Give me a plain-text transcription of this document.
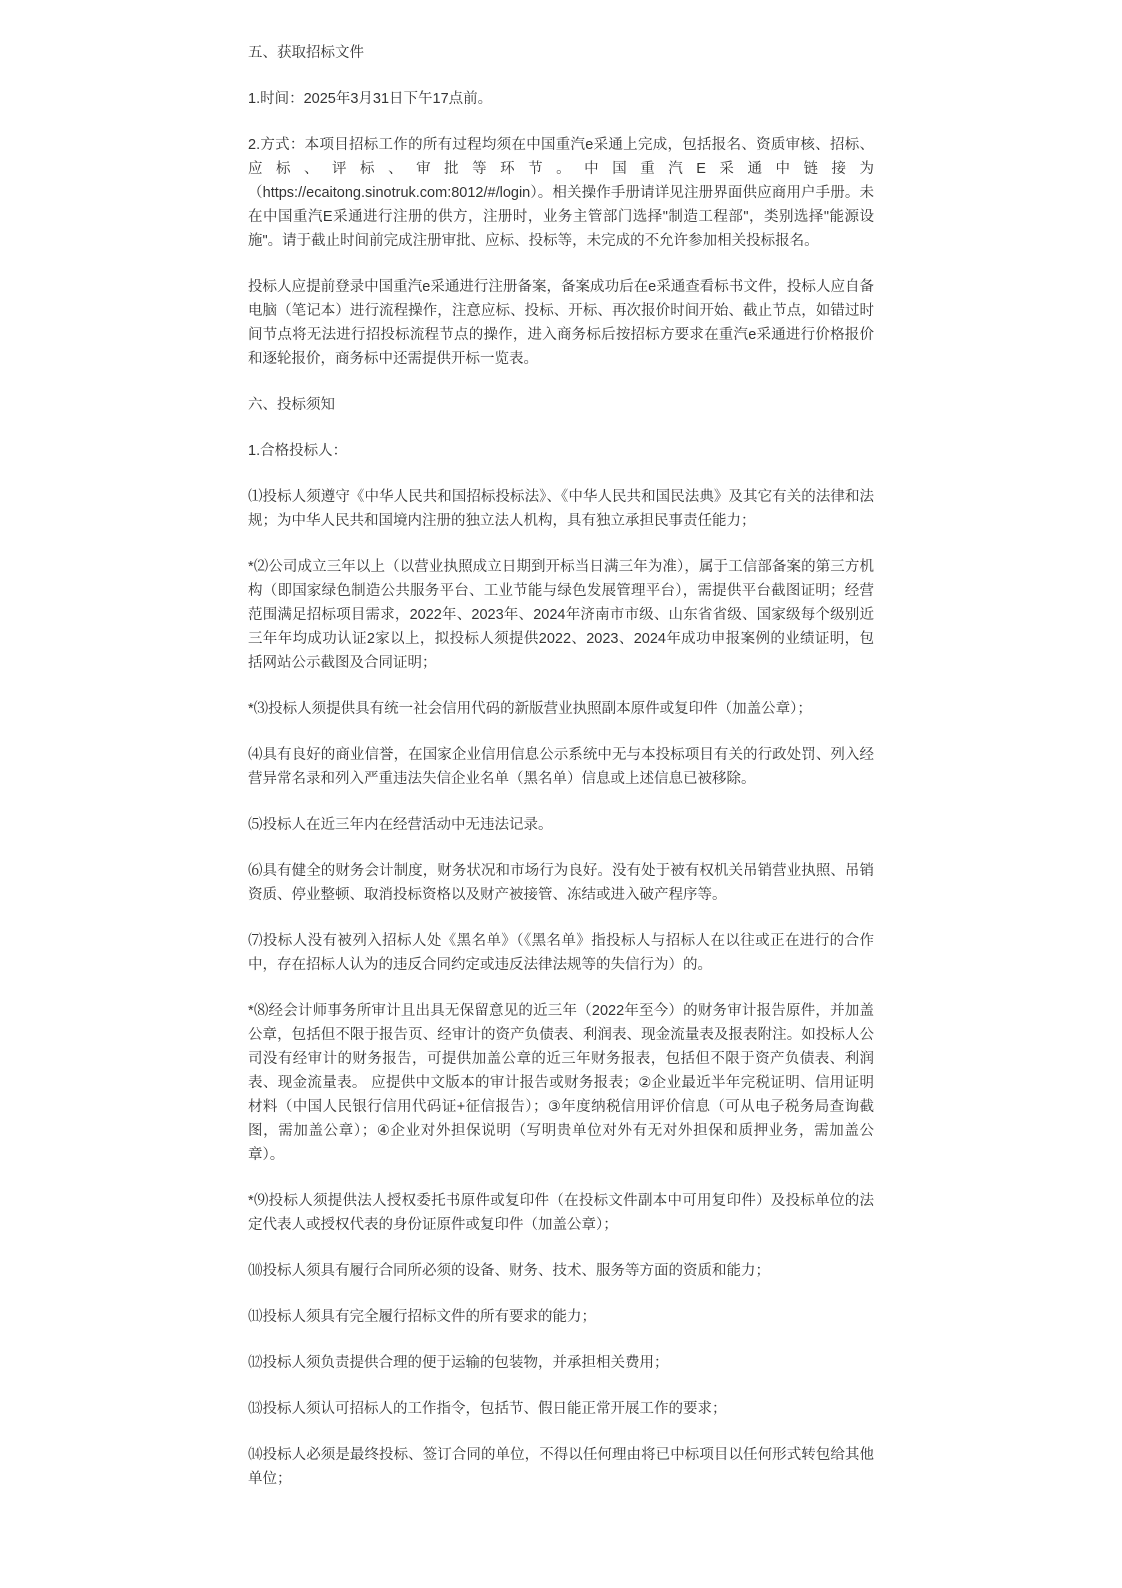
五、获取招标文件

1.时间：2025年3月31日下午17点前。

2.方式：本项目招标工作的所有过程均须在中国重汽e采通上完成，包括报名、资质审核、招标、应标、评标、审批等环节。中国重汽E采通中链接为（https://ecaitong.sinotruk.com:8012/#/login）。相关操作手册请详见注册界面供应商用户手册。未在中国重汽E采通进行注册的供方，注册时，业务主管部门选择"制造工程部"，类别选择"能源设施"。请于截止时间前完成注册审批、应标、投标等，未完成的不允许参加相关投标报名。

投标人应提前登录中国重汽e采通进行注册备案，备案成功后在e采通查看标书文件，投标人应自备电脑（笔记本）进行流程操作，注意应标、投标、开标、再次报价时间开始、截止节点，如错过时间节点将无法进行招投标流程节点的操作，进入商务标后按招标方要求在重汽e采通进行价格报价和逐轮报价，商务标中还需提供开标一览表。

六、投标须知

1.合格投标人：

⑴投标人须遵守《中华人民共和国招标投标法》、《中华人民共和国民法典》及其它有关的法律和法规；为中华人民共和国境内注册的独立法人机构，具有独立承担民事责任能力；

*⑵公司成立三年以上（以营业执照成立日期到开标当日满三年为准），属于工信部备案的第三方机构（即国家绿色制造公共服务平台、工业节能与绿色发展管理平台），需提供平台截图证明；经营范围满足招标项目需求，2022年、2023年、2024年济南市市级、山东省省级、国家级每个级别近三年年均成功认证2家以上，拟投标人须提供2022、2023、2024年成功申报案例的业绩证明，包括网站公示截图及合同证明；

*⑶投标人须提供具有统一社会信用代码的新版营业执照副本原件或复印件（加盖公章）；

⑷具有良好的商业信誉，在国家企业信用信息公示系统中无与本投标项目有关的行政处罚、列入经营异常名录和列入严重违法失信企业名单（黑名单）信息或上述信息已被移除。

⑸投标人在近三年内在经营活动中无违法记录。

⑹具有健全的财务会计制度，财务状况和市场行为良好。没有处于被有权机关吊销营业执照、吊销资质、停业整顿、取消投标资格以及财产被接管、冻结或进入破产程序等。

⑺投标人没有被列入招标人处《黑名单》（《黑名单》指投标人与招标人在以往或正在进行的合作中，存在招标人认为的违反合同约定或违反法律法规等的失信行为）的。

*⑻经会计师事务所审计且出具无保留意见的近三年（2022年至今）的财务审计报告原件，并加盖公章，包括但不限于报告页、经审计的资产负债表、利润表、现金流量表及报表附注。如投标人公司没有经审计的财务报告，可提供加盖公章的近三年财务报表，包括但不限于资产负债表、利润表、现金流量表。 应提供中文版本的审计报告或财务报表；②企业最近半年完税证明、信用证明材料（中国人民银行信用代码证+征信报告）；③年度纳税信用评价信息（可从电子税务局查询截图，需加盖公章）；④企业对外担保说明（写明贵单位对外有无对外担保和质押业务，需加盖公章）。

*⑼投标人须提供法人授权委托书原件或复印件（在投标文件副本中可用复印件）及投标单位的法定代表人或授权代表的身份证原件或复印件（加盖公章）；

⑽投标人须具有履行合同所必须的设备、财务、技术、服务等方面的资质和能力；

⑾投标人须具有完全履行招标文件的所有要求的能力；

⑿投标人须负责提供合理的便于运输的包装物，并承担相关费用；

⒀投标人须认可招标人的工作指令，包括节、假日能正常开展工作的要求；

⒁投标人必须是最终投标、签订合同的单位，不得以任何理由将已中标项目以任何形式转包给其他单位；
